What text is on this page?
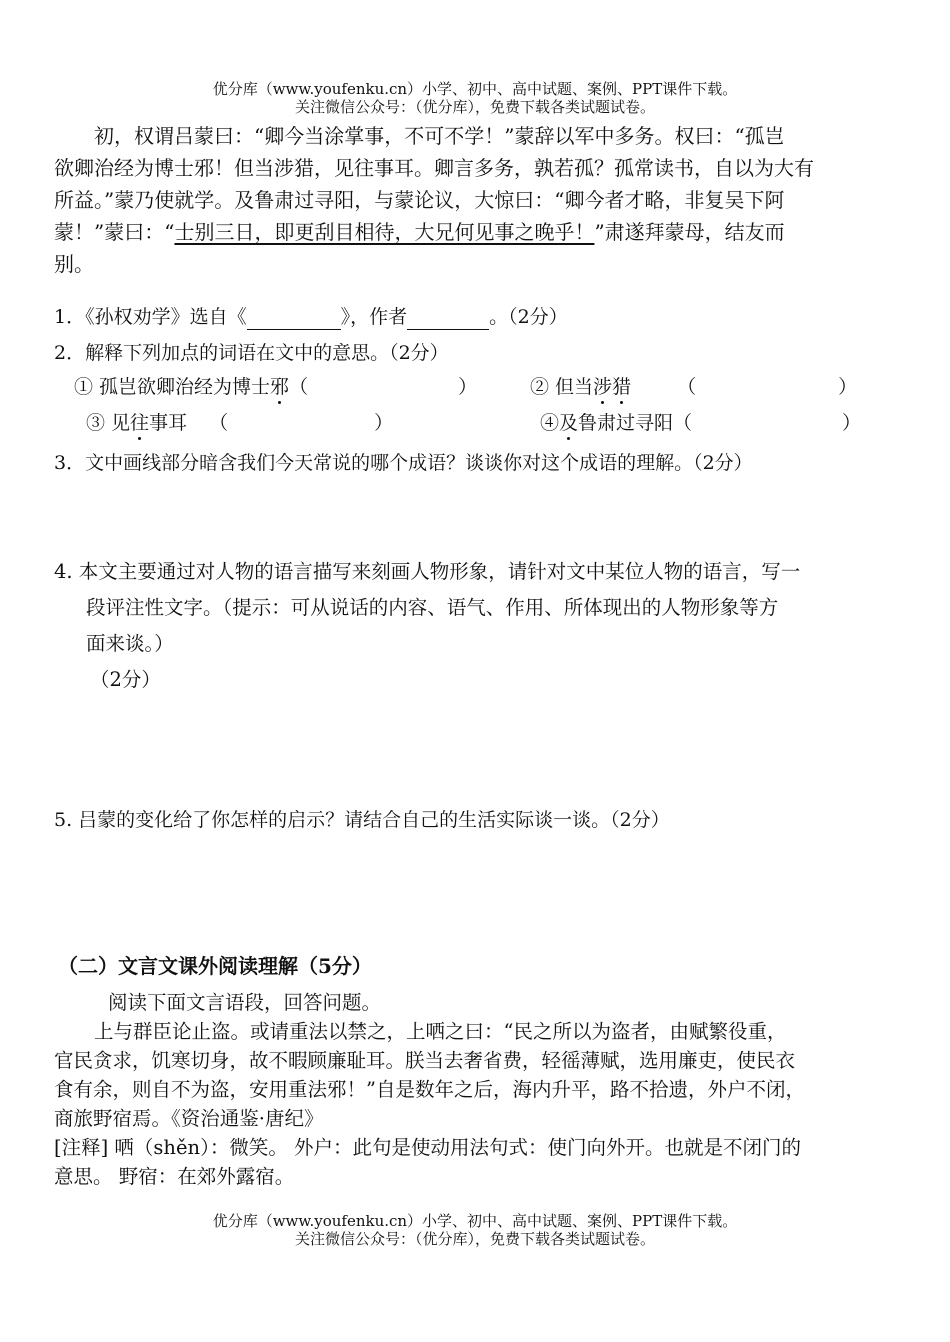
优分库（www.youfenku.cn）小学、初中、高中试题、案例、PPT课件下载。
关注微信公众号：（优分库），免费下载各类试题试卷。
初，权谓吕蒙曰：“卿今当涂掌事，不可不学！”蒙辞以军中多务。权曰：“孤岂
欲卿治经为博士邪！但当涉猎，见往事耳。卿言多务，孰若孤？孤常读书，自以为大有
所益。”蒙乃使就学。及鲁肃过寻阳，与蒙论议，大惊曰：“卿今者才略，非复吴下阿
蒙！”蒙曰：“士别三日，即更刮目相待，大兄何见事之晚乎！”肃遂拜蒙母，结友而
别。
1．《孙权劝学》选自《	》，作者	。（2分）
2．解释下列加点的词语在文中的意思。（2分）
① 孤岂欲卿治经为博士邪（	）	② 但当涉猎 （	）
③ 见往事耳 （	）	④及鲁肃过寻阳（	）
3．文中画线部分暗含我们今天常说的哪个成语？谈谈你对这个成语的理解。（2分）
4. 本文主要通过对人物的语言描写来刻画人物形象，请针对文中某位人物的语言，写一
段评注性文字。（提示：可从说话的内容、语气、作用、所体现出的人物形象等方
面来谈。）
（2分）
5. 吕蒙的变化给了你怎样的启示？请结合自己的生活实际谈一谈。（2分）
（二）文言文课外阅读理解（5分）
阅读下面文言语段，回答问题。
上与群臣论止盗。或请重法以禁之，上哂之曰：“民之所以为盗者，由赋繁役重，
官民贪求，饥寒切身，故不暇顾廉耻耳。朕当去奢省费，轻徭薄赋，选用廉吏，使民衣
食有余，则自不为盗，安用重法邪！”自是数年之后，海内升平，路不拾遗，外户不闭，
商旅野宿焉。《资治通鉴·唐纪》
[注释] 哂（shěn）：微笑。 外户：此句是使动用法句式：使门向外开。也就是不闭门的
意思。 野宿：在郊外露宿。
优分库（www.youfenku.cn）小学、初中、高中试题、案例、PPT课件下载。
关注微信公众号：（优分库），免费下载各类试题试卷。
